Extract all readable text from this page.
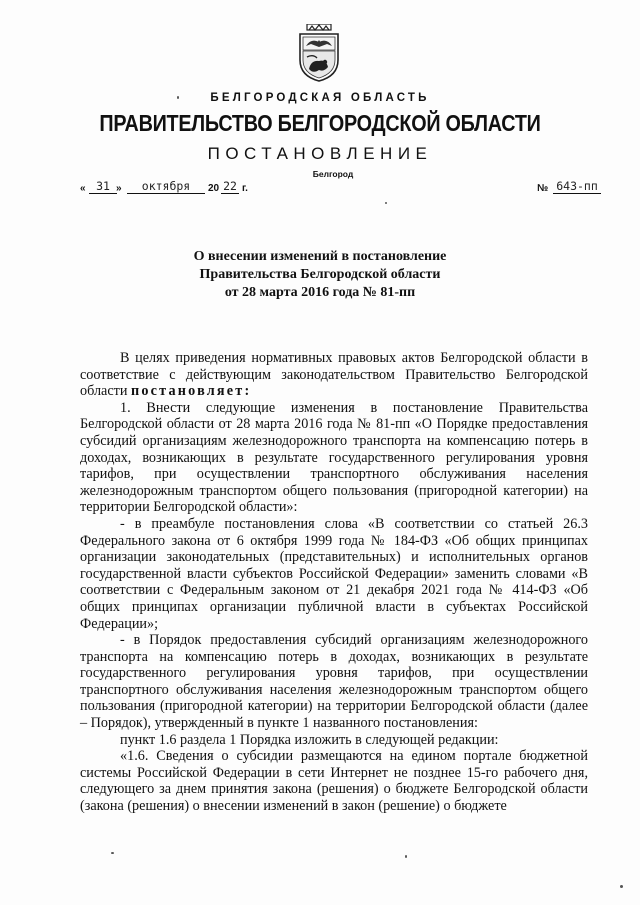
БЕЛГОРОДСКАЯ ОБЛАСТЬ
ПРАВИТЕЛЬСТВО БЕЛГОРОДСКОЙ ОБЛАСТИ
ПОСТАНОВЛЕНИЕ
Белгород
« 31 »	октября	20 22 г.	№ 643-пп
О внесении изменений в постановление
Правительства Белгородской области
от 28 марта 2016 года № 81-пп

В целях приведения нормативных правовых актов Белгородской области в соответствие с действующим законодательством Правительство Белгородской области постановляет:

1. Внести следующие изменения в постановление Правительства Белгородской области от 28 марта 2016 года № 81-пп «О Порядке предоставления субсидий организациям железнодорожного транспорта на компенсацию потерь в доходах, возникающих в результате государственного регулирования уровня тарифов, при осуществлении транспортного обслуживания населения железнодорожным транспортом общего пользования (пригородной категории) на территории Белгородской области»:

- в преамбуле постановления слова «В соответствии со статьей 26.3 Федерального закона от 6 октября 1999 года № 184-ФЗ «Об общих принципах организации законодательных (представительных) и исполнительных органов государственной власти субъектов Российской Федерации» заменить словами «В соответствии с Федеральным законом от 21 декабря 2021 года № 414-ФЗ «Об общих принципах организации публичной власти в субъектах Российской Федерации»;

- в Порядок предоставления субсидий организациям железнодорожного транспорта на компенсацию потерь в доходах, возникающих в результате государственного регулирования уровня тарифов, при осуществлении транспортного обслуживания населения железнодорожным транспортом общего пользования (пригородной категории) на территории Белгородской области (далее – Порядок), утвержденный в пункте 1 названного постановления:

пункт 1.6 раздела 1 Порядка изложить в следующей редакции:

«1.6. Сведения о субсидии размещаются на едином портале бюджетной системы Российской Федерации в сети Интернет не позднее 15-го рабочего дня, следующего за днем принятия закона (решения) о бюджете Белгородской области (закона (решения) о внесении изменений в закон (решение) о бюджете
